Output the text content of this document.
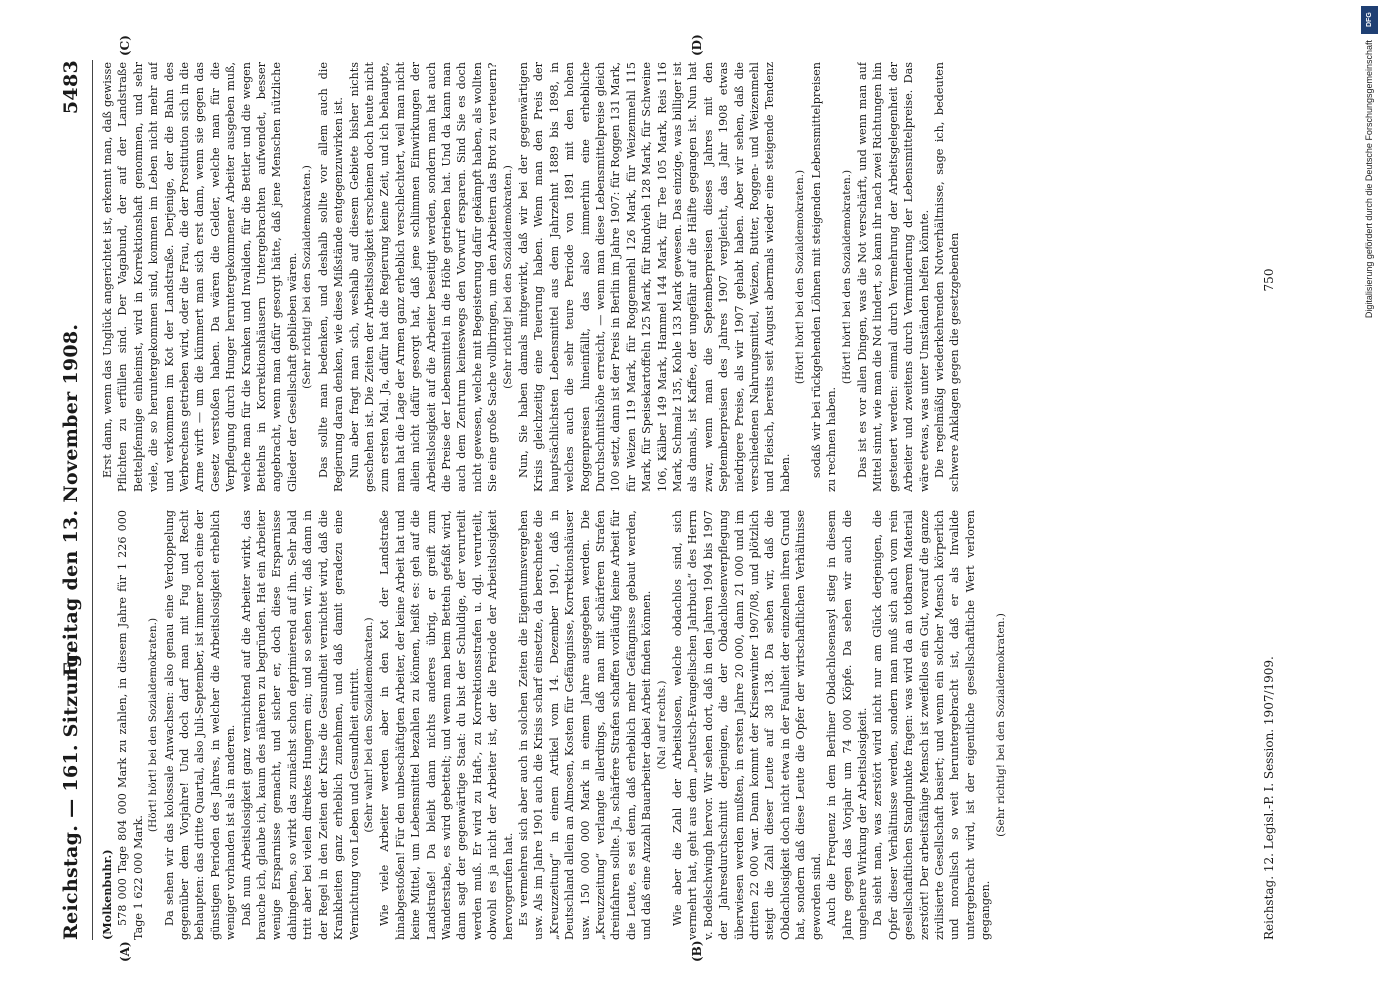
Reichstag. — 161. Sitzung.
Freitag den 13. November 1908.
5483
(A)	(B)
(C)	(D)

(Molkenbuhr.) 578 000 Tage 804 000 Mark zu zahlen, in diesem Jahre für 1 226 000 Tage 1 622 000 Mark.

(Hört! hört! bei den Sozialdemokraten.) Da sehen wir das kolossale Anwachsen: also genau eine Verdoppelung gegenüber dem Vorjahre! Und doch darf man mit Fug und Recht behaupten: das dritte Quartal, also Juli-September, ist immer noch eine der günstigen Perioden des Jahres, in welcher die Arbeitslosigkeit erheblich weniger vorhanden ist als in anderen. Daß nun Arbeitslosigkeit ganz vernichtend auf die Arbeiter wirkt, das brauche ich, glaube ich, kaum des näheren zu begründen. Hat ein Arbeiter wenige Ersparnisse gemacht, und sicher er, doch diese Ersparnisse dahingehen, so wirkt das zunächst schon deprimierend auf ihn. Sehr bald tritt aber bei vielen direktes Hungern ein; und so sehen wir, daß dann in der Regel in den Zeiten der Krise die Gesundheit vernichtet wird, daß die Krankheiten ganz erheblich zunehmen, und daß damit geradezu eine Vernichtung von Leben und Gesundheit eintritt. (Sehr wahr! bei den Sozialdemokraten.) Wie viele Arbeiter werden aber in den Kot der Landstraße hinabgestoßen! Für den unbeschäftigten Arbeiter, der keine Arbeit hat und keine Mittel, um Lebensmittel bezahlen zu können, heißt es: geh auf die Landstraße! Da bleibt dann nichts anderes übrig, er greift zum Wanderstabe, es wird gebettelt; und wenn man beim Betteln gefaßt wird, dann sagt der gegenwärtige Staat: du bist der Schuldige, der verurteilt werden muß. Er wird zu Haft-, zu Korrektionsstrafen u. dgl. verurteilt, obwohl es ja nicht der Arbeiter ist, der die Periode der Arbeitslosigkeit hervorgerufen hat. Es vermehren sich aber auch in solchen Zeiten die Eigentumsvergehen usw. Als im Jahre 1901 auch die Krisis scharf einsetzte, da berechnete die „Kreuzzeitung“ in einem Artikel vom 14. Dezember 1901, daß in Deutschland allein an Almosen, Kosten für Gefängnisse, Korrektionshäuser usw. 150 000 000 Mark in einem Jahre ausgegeben werden. Die „Kreuzzeitung“ verlangte allerdings, daß man mit schärferen Strafen dreinfahren sollte. Ja, schärfere Strafen schaffen vorläufig keine Arbeit für die Leute, es sei denn, daß erheblich mehr Gefängnisse gebaut werden, und daß eine Anzahl Bauarbeiter dabei Arbeit finden können. (Na! auf rechts.) Wie aber die Zahl der Arbeitslosen, welche obdachlos sind, sich vermehrt hat, geht aus dem „Deutsch-Evangelischen Jahrbuch“ des Herrn v. Bodelschwingh hervor. Wir sehen dort, daß in den Jahren 1904 bis 1907 der Jahresdurchschnitt derjenigen, die der Obdachlosenverpflegung überwiesen werden mußten, in ersten Jahre 20 000, dann 21 000 und im dritten 22 000 war. Dann kommt der Krisenwinter 1907/08, und plötzlich steigt die Zahl dieser Leute auf 38 138. Da sehen wir, daß die Obdachlosigkeit doch nicht etwa in der Faulheit der einzelnen ihren Grund hat, sondern daß diese Leute die Opfer der wirtschaftlichen Verhältnisse geworden sind. Auch die Frequenz in dem Berliner Obdachlosenasyl stieg in diesem Jahre gegen das Vorjahr um 74 000 Köpfe. Da sehen wir auch die ungeheure Wirkung der Arbeitslosigkeit. Da sieht man, was zerstört wird nicht nur am Glück derjenigen, die Opfer dieser Verhältnisse werden, sondern man muß sich auch vom rein gesellschaftlichen Standpunkte fragen: was wird da an totbarem Material zerstört! Der arbeitsfähige Mensch ist zweifellos ein Gut, worauf die ganze zivilisierte Gesellschaft basiert; und wenn ein solcher Mensch körperlich und moralisch so weit heruntergebracht ist, daß er als Invalide untergebracht wird, ist der eigentliche gesellschaftliche Wert verloren gegangen.

(Sehr richtig! bei den Sozialdemokraten.)

Erst dann, wenn das Unglück angerichtet ist, erkennt man, daß gewisse Pflichten zu erfüllen sind. Der Vagabund, der auf der Landstraße Bettelpfennige einheimst, wird in Korrektionshaft genommen, und sehr viele, die so heruntergekommen sind, kommen im Leben nicht mehr auf und verkommen im Kot der Landstraße. Derjenige, der die Bahn des Verbrechens getrieben wird, oder die Frau, die der Prostitution sich in die Arme wirft — um die kümmert man sich erst dann, wenn sie gegen das Gesetz verstoßen haben. Da wären die Gelder, welche man für die Verpflegung durch Hunger heruntergekommener Arbeiter ausgeben muß, welche man für die Kranken und Invaliden, für die Bettler und die wegen Bettelns in Korrektionshäusern Untergebrachten aufwendet, besser angebracht, wenn man dafür gesorgt hätte, daß jene Menschen nützliche Glieder der Gesellschaft geblieben wären. (Sehr richtig! bei den Sozialdemokraten.) Das sollte man bedenken, und deshalb sollte vor allem auch die Regierung daran denken, wie diese Mißstände entgegenzuwirken ist. Nun aber fragt man sich, weshalb auf diesem Gebiete bisher nichts geschehen ist. Die Zeiten der Arbeitslosigkeit erscheinen doch heute nicht zum ersten Mal. Ja, dafür hat die Regierung keine Zeit, und ich behaupte, man hat die Lage der Armen ganz erheblich verschlechtert, weil man nicht allein nicht dafür gesorgt hat, daß jene schlimmen Einwirkungen der Arbeitslosigkeit auf die Arbeiter beseitigt werden, sondern man hat auch die Preise der Lebensmittel in die Höhe getrieben hat. Und da kann man auch dem Zentrum keineswegs den Vorwurf ersparen. Sind Sie es doch nicht gewesen, welche mit Begeisterung dafür gekämpft haben, als wollten Sie eine große Sache vollbringen, um den Arbeitern das Brot zu verteuern? (Sehr richtig! bei den Sozialdemokraten.) Nun, Sie haben damals mitgewirkt, daß wir bei der gegenwärtigen Krisis gleichzeitig eine Teuerung haben. Wenn man den Preis der hauptsächlichsten Lebensmittel aus dem Jahrzehnt 1889 bis 1898, in welches auch die sehr teure Periode von 1891 mit den hohen Roggenpreisen hineinfällt, das also immerhin eine erhebliche Durchschnittshöhe erreicht, — wenn man diese Lebensmittelpreise gleich 100 setzt, dann ist der Preis in Berlin im Jahre 1907: für Roggen 131 Mark, für Weizen 119 Mark, für Roggenmehl 126 Mark, für Weizenmehl 115 Mark, für Speisekartoffeln 125 Mark, für Rindvieh 128 Mark, für Schweine 106, Kälber 149 Mark, Hammel 144 Mark, für Tee 105 Mark, Reis 116 Mark, Schmalz 135, Kohle 133 Mark gewesen. Das einzige, was billiger ist als damals, ist Kaffee, der ungefähr auf die Hälfte gegangen ist. Nun hat zwar, wenn man die Septemberpreisen dieses Jahres mit den Septemberpreisen des Jahres 1907 vergleicht, das Jahr 1908 etwas niedrigere Preise, als wir 1907 gehabt haben. Aber wir sehen, daß die verschiedenen Nahrungsmittel, Weizen, Butter, Roggen- und Weizenmehl und Fleisch, bereits seit August abermals wieder eine steigende Tendenz haben.

(Hört! hört! bei den Sozialdemokraten.) sodaß wir bei rückgehenden Löhnen mit steigenden Lebensmittelpreisen zu rechnen haben.

(Hört! hört! bei den Sozialdemokraten.) Das ist es vor allen Dingen, was die Not verschärft, und wenn man auf Mittel sinnt, wie man die Not lindert, so kann ihr nach zwei Richtungen hin gesteuert werden: einmal durch Vermehrung der Arbeitsgelegenheit der Arbeiter und zweitens durch Verminderung der Lebensmittelpreise. Das wäre etwas, was unter Umständen helfen könnte. Die regelmäßig wiederkehrenden Notverhältnisse, sage ich, bedeuten schwere Anklagen gegen die gesetzgebenden

Reichstag. 12. Legisl.-P. I. Session. 1907/1909.
750
DFG
Digitalisierung gefördert durch die Deutsche Forschungsgemeinschaft
